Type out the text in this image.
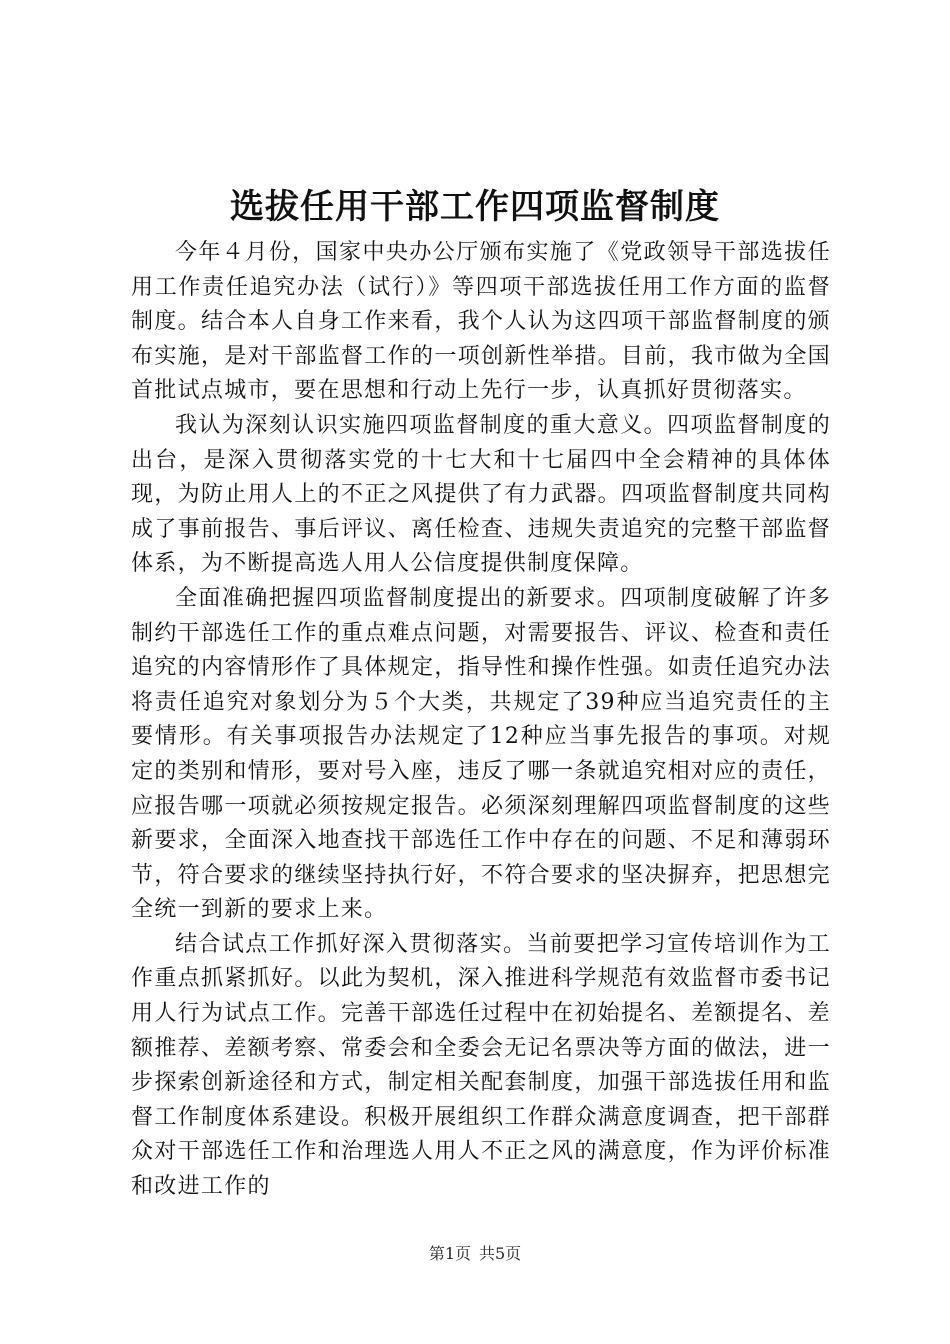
选拔任用干部工作四项监督制度

今年４月份，国家中央办公厅颁布实施了《党政领导干部选拔任用工作责任追究办法（试行）》等四项干部选拔任用工作方面的监督制度。结合本人自身工作来看，我个人认为这四项干部监督制度的颁布实施，是对干部监督工作的一项创新性举措。目前，我市做为全国首批试点城市，要在思想和行动上先行一步，认真抓好贯彻落实。

我认为深刻认识实施四项监督制度的重大意义。四项监督制度的出台，是深入贯彻落实党的十七大和十七届四中全会精神的具体体现，为防止用人上的不正之风提供了有力武器。四项监督制度共同构成了事前报告、事后评议、离任检查、违规失责追究的完整干部监督体系，为不断提高选人用人公信度提供制度保障。

全面准确把握四项监督制度提出的新要求。四项制度破解了许多制约干部选任工作的重点难点问题，对需要报告、评议、检查和责任追究的内容情形作了具体规定，指导性和操作性强。如责任追究办法将责任追究对象划分为５个大类，共规定了39种应当追究责任的主要情形。有关事项报告办法规定了12种应当事先报告的事项。对规定的类别和情形，要对号入座，违反了哪一条就追究相对应的责任，应报告哪一项就必须按规定报告。必须深刻理解四项监督制度的这些新要求，全面深入地查找干部选任工作中存在的问题、不足和薄弱环节，符合要求的继续坚持执行好，不符合要求的坚决摒弃，把思想完全统一到新的要求上来。

结合试点工作抓好深入贯彻落实。当前要把学习宣传培训作为工作重点抓紧抓好。以此为契机，深入推进科学规范有效监督市委书记用人行为试点工作。完善干部选任过程中在初始提名、差额提名、差额推荐、差额考察、常委会和全委会无记名票决等方面的做法，进一步探索创新途径和方式，制定相关配套制度，加强干部选拔任用和监督工作制度体系建设。积极开展组织工作群众满意度调查，把干部群众对干部选任工作和治理选人用人不正之风的满意度，作为评价标准和改进工作的

第1页 共5页
